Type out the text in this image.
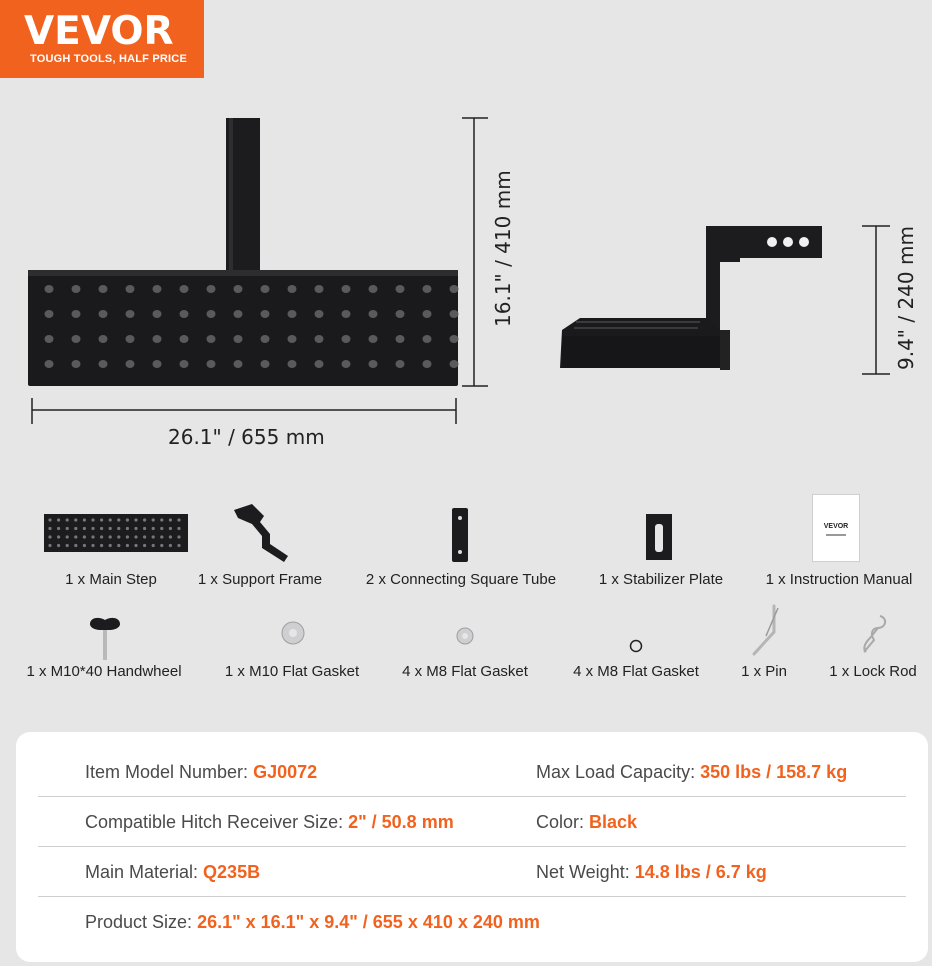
VEVOR
TOUGH TOOLS, HALF PRICE
26.1" / 655 mm
16.1" / 410 mm	9.4" / 240 mm
VEVOR
1 x Main Step	1 x Support Frame	2 x Connecting Square Tube	1 x Stabilizer Plate	1 x Instruction Manual
1 x M10*40 Handwheel	1 x M10 Flat Gasket	4 x M8 Flat Gasket	4 x M8 Flat Gasket	1 x Pin	1 x Lock Rod
Item Model Number: GJ0072	Max Load Capacity: 350 lbs / 158.7 kg
Compatible Hitch Receiver Size: 2" / 50.8 mm	Color: Black
Main Material: Q235B	Net Weight: 14.8 lbs / 6.7 kg
Product Size: 26.1" x 16.1" x 9.4" / 655 x 410 x 240 mm
